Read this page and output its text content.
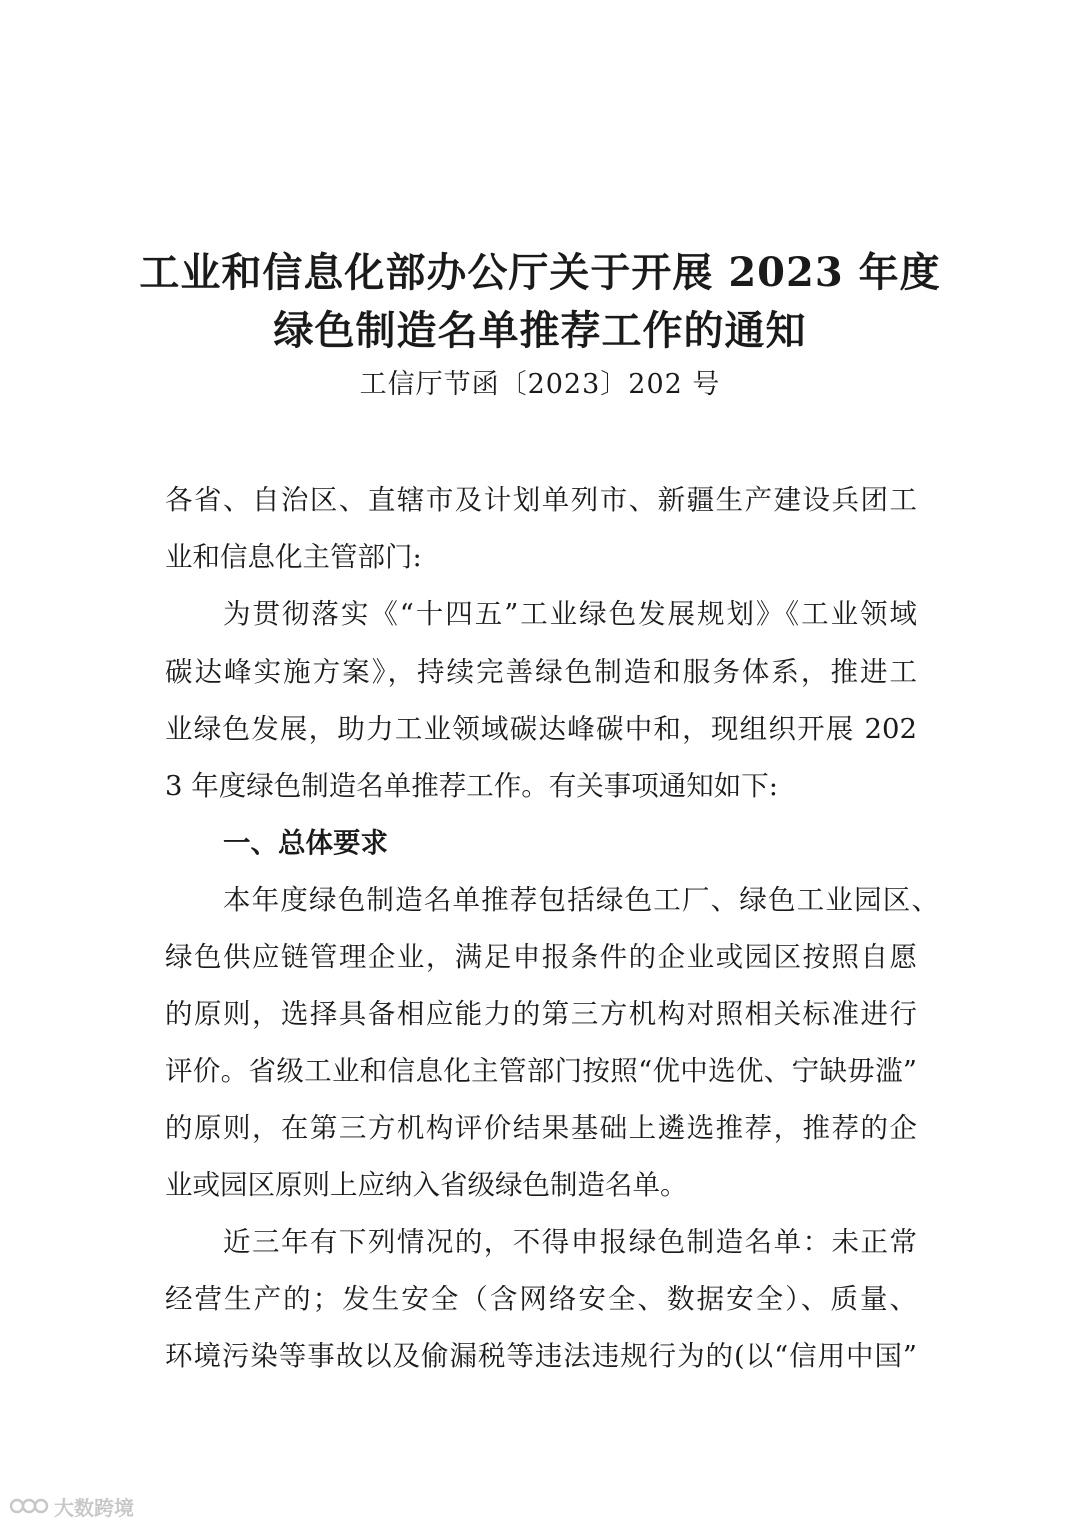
工业和信息化部办公厅关于开展 2023 年度
绿色制造名单推荐工作的通知
工信厅节函〔2023〕202 号
各省、自治区、直辖市及计划单列市、新疆生产建设兵团工
业和信息化主管部门:
为贯彻落实《“十四五”工业绿色发展规划》《工业领域
碳达峰实施方案》，持续完善绿色制造和服务体系，推进工
业绿色发展，助力工业领域碳达峰碳中和，现组织开展 202
3 年度绿色制造名单推荐工作。有关事项通知如下:
一、总体要求
本年度绿色制造名单推荐包括绿色工厂、绿色工业园区、
绿色供应链管理企业，满足申报条件的企业或园区按照自愿
的原则，选择具备相应能力的第三方机构对照相关标准进行
评价。省级工业和信息化主管部门按照“优中选优、宁缺毋滥”
的原则，在第三方机构评价结果基础上遴选推荐，推荐的企
业或园区原则上应纳入省级绿色制造名单。
近三年有下列情况的，不得申报绿色制造名单：未正常
经营生产的；发生安全（含网络安全、数据安全）、质量、
环境污染等事故以及偷漏税等违法违规行为的(以“信用中国”
大数跨境
